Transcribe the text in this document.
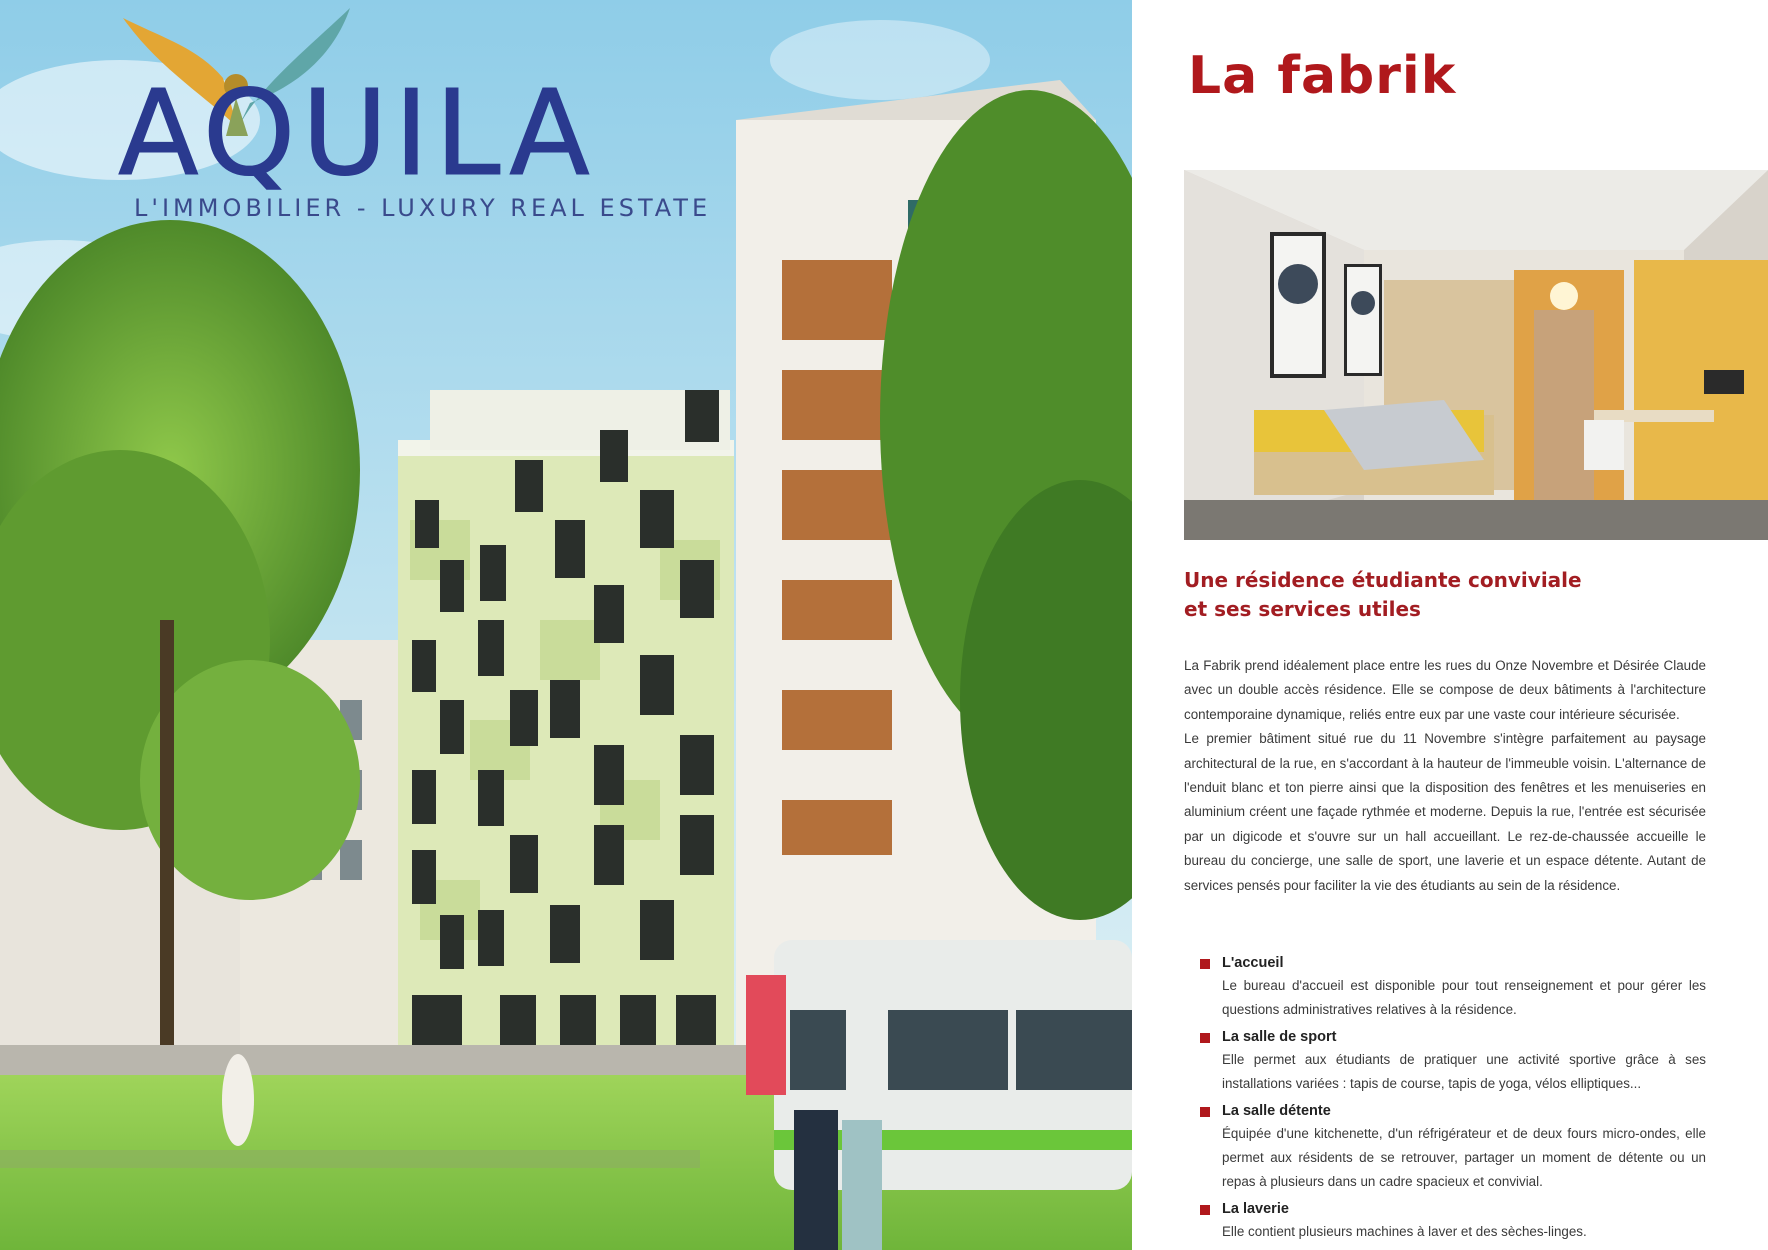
AQUILA
L'IMMOBILIER - LUXURY REAL ESTATE
La fabrik
Une résidence étudiante conviviale
et ses services utiles

La Fabrik prend idéalement place entre les rues du Onze Novembre et Désirée Claude avec un double accès résidence. Elle se compose de deux bâtiments à l'architecture contemporaine dynamique, reliés entre eux par une vaste cour intérieure sécurisée.

Le premier bâtiment situé rue du 11 Novembre s'intègre parfaitement au paysage architectural de la rue, en s'accordant à la hauteur de l'immeuble voisin. L'alternance de l'enduit blanc et ton pierre ainsi que la disposition des fenêtres et les menuiseries en aluminium créent une façade rythmée et moderne. Depuis la rue, l'entrée est sécurisée par un digicode et s'ouvre sur un hall accueillant. Le rez-de-chaussée accueille le bureau du concierge, une salle de sport, une laverie et un espace détente. Autant de services pensés pour faciliter la vie des étudiants au sein de la résidence.

L'accueil
Le bureau d'accueil est disponible pour tout renseignement et pour gérer les questions administratives relatives à la résidence.
La salle de sport
Elle permet aux étudiants de pratiquer une activité sportive grâce à ses installations variées : tapis de course, tapis de yoga, vélos elliptiques...
La salle détente
Équipée d'une kitchenette, d'un réfrigérateur et de deux fours micro-ondes, elle permet aux résidents de se retrouver, partager un moment de détente ou un repas à plusieurs dans un cadre spacieux et convivial.
La laverie
Elle contient plusieurs machines à laver et des sèches-linges.
